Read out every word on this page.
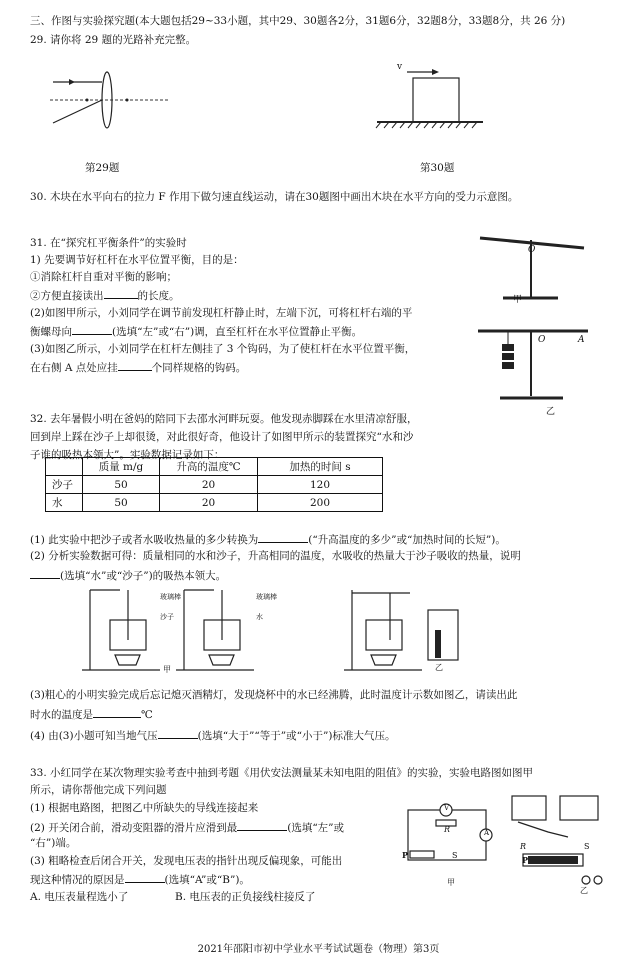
三、作图与实验探究题(本大题包括29~33小题，其中29、30题各2分，31题6分，32题8分，33题8分，共 26 分)
29. 请你将 29 题的光路补充完整。
第29题
v
第30题
30. 木块在水平向右的拉力 F 作用下做匀速直线运动，请在30题图中画出木块在水平方向的受力示意图。
31. 在“探究杠平衡条件”的实验时
1) 先要调节好杠杆在水平位置平衡，目的是：
①消除杠杆自重对平衡的影响；
②方便直接读出	的长度。
(2)如图甲所示，小刘同学在调节前发现杠杆静止时，左端下沉，可将杠杆右端的平
衡螺母向	(选填“左”或“右”)调，直至杠杆在水平位置静止平衡。
(3)如图乙所示，小刘同学在杠杆左侧挂了 3 个钩码，为了使杠杆在水平位置平衡，
在右侧 A 点处应挂	个同样规格的钩码。
O
甲
O	A
乙
32. 去年暑假小明在爸妈的陪同下去邵水河畔玩耍。他发现赤脚踩在水里清凉舒服，
回到岸上踩在沙子上却很烫，对此很好奇，他设计了如图甲所示的装置探究“水和沙
子谁的吸热本领大”。实验数据记录如下：
	质量 m/g	升高的温度℃	加热的时间 s
沙子	50	20	120
水	50	20	200
(1) 此实验中把沙子或者水吸收热量的多少转换为	(“升高温度的多少”或“加热时间的长短”)。
(2) 分析实验数据可得：质量相同的水和沙子，升高相同的温度，水吸收的热量大于沙子吸收的热量，说明
(选填“水”或“沙子”)的吸热本领大。
玻璃棒
沙子
玻璃棒
水
甲	乙
(3)粗心的小明实验完成后忘记熄灭酒精灯，发现烧杯中的水已经沸腾，此时温度计示数如图乙，请读出此
时水的温度是	℃
(4) 由(3)小题可知当地气压	(选填“大于”“等于”或“小于”)标准大气压。
33. 小红同学在某次物理实验考查中抽到考题《用伏安法测量某未知电阻的阻值》的实验，实验电路图如图甲
所示，请你帮他完成下列问题
(1) 根据电路图，把图乙中所缺失的导线连接起来
(2) 开关闭合前，滑动变阻器的滑片应滑到最	(选填“左”或
“右”)端。
(3) 粗略检查后闭合开关，发现电压表的指针出现反偏现象，可能出
现这种情况的原因是	(选填“A”或“B”)。
A. 电压表量程选小了	B. 电压表的正负接线柱接反了
V
A
R
P	S
甲
R	S
P
乙
2021年邵阳市初中学业水平考试试题卷（物理）第3页
